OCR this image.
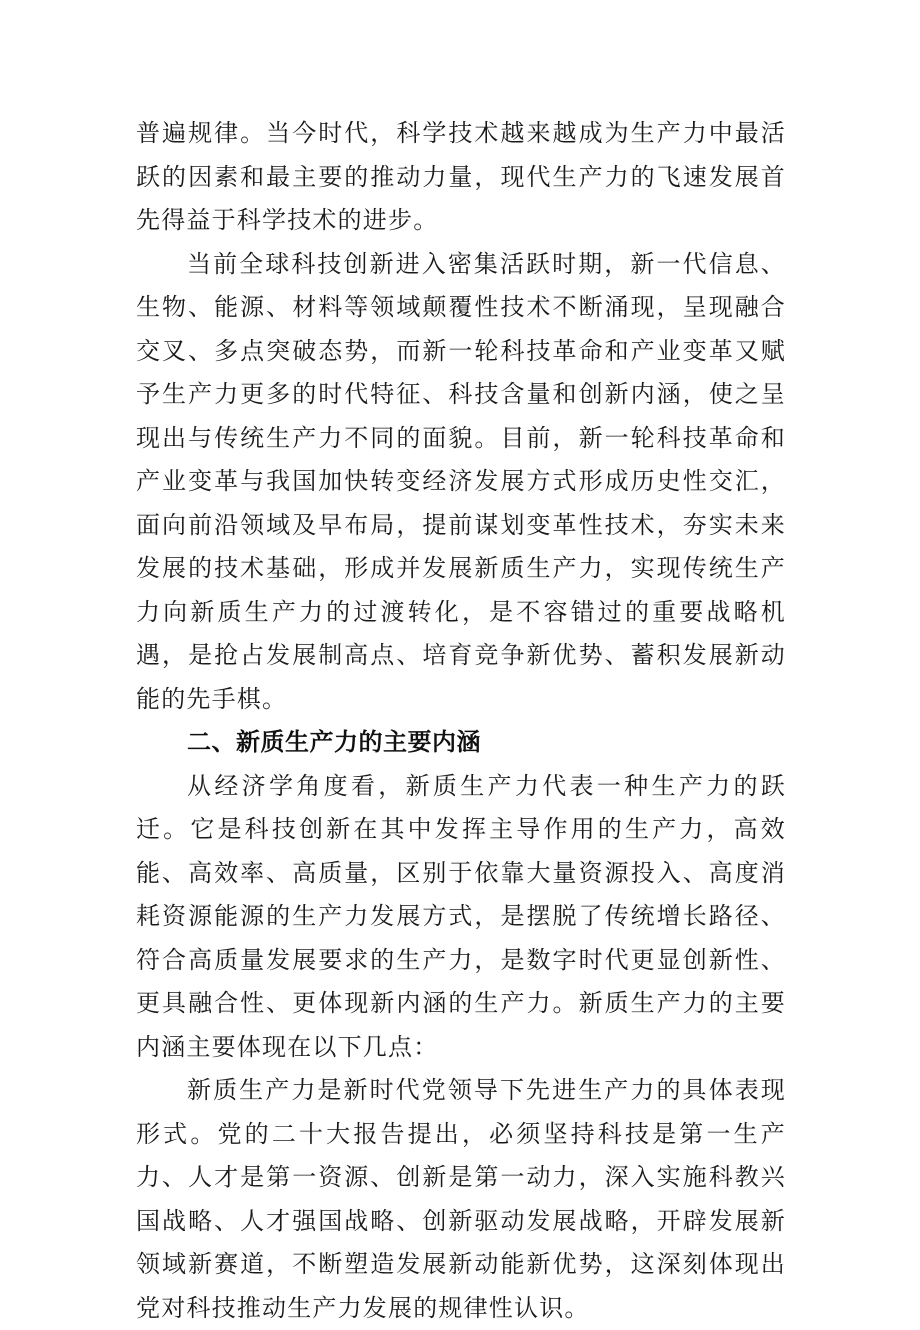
普遍规律。当今时代，科学技术越来越成为生产力中最活跃的因素和最主要的推动力量，现代生产力的飞速发展首先得益于科学技术的进步。

当前全球科技创新进入密集活跃时期，新一代信息、生物、能源、材料等领域颠覆性技术不断涌现，呈现融合交叉、多点突破态势，而新一轮科技革命和产业变革又赋予生产力更多的时代特征、科技含量和创新内涵，使之呈现出与传统生产力不同的面貌。目前，新一轮科技革命和产业变革与我国加快转变经济发展方式形成历史性交汇，面向前沿领域及早布局，提前谋划变革性技术，夯实未来发展的技术基础，形成并发展新质生产力，实现传统生产力向新质生产力的过渡转化，是不容错过的重要战略机遇，是抢占发展制高点、培育竞争新优势、蓄积发展新动能的先手棋。

二、新质生产力的主要内涵

从经济学角度看，新质生产力代表一种生产力的跃迁。它是科技创新在其中发挥主导作用的生产力，高效能、高效率、高质量，区别于依靠大量资源投入、高度消耗资源能源的生产力发展方式，是摆脱了传统增长路径、符合高质量发展要求的生产力，是数字时代更显创新性、更具融合性、更体现新内涵的生产力。新质生产力的主要内涵主要体现在以下几点：

新质生产力是新时代党领导下先进生产力的具体表现形式。党的二十大报告提出，必须坚持科技是第一生产力、人才是第一资源、创新是第一动力，深入实施科教兴国战略、人才强国战略、创新驱动发展战略，开辟发展新领域新赛道，不断塑造发展新动能新优势，这深刻体现出党对科技推动生产力发展的规律性认识。
